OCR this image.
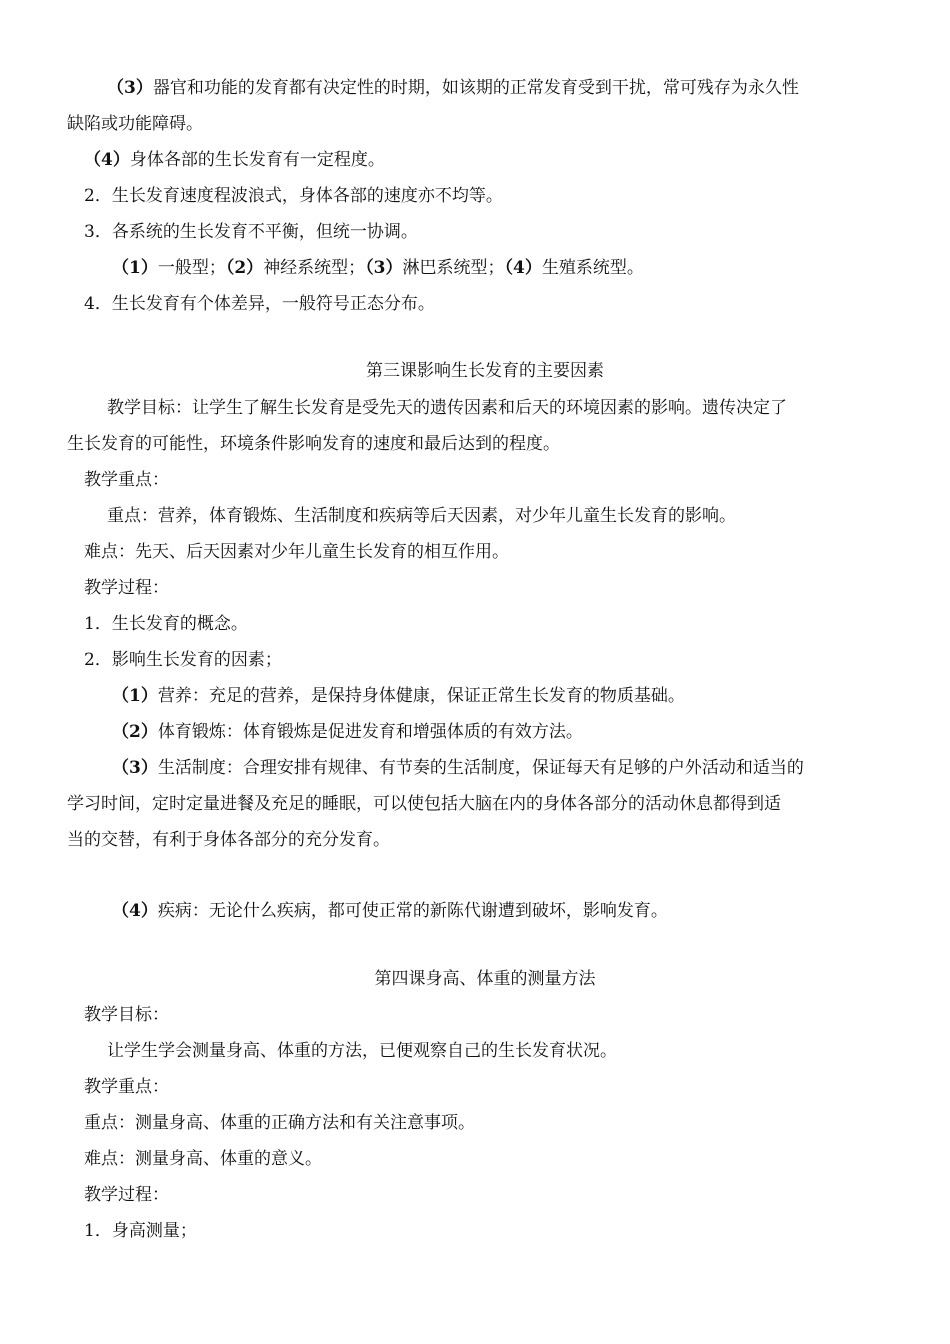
（3）器官和功能的发育都有决定性的时期，如该期的正常发育受到干扰，常可残存为永久性
缺陷或功能障碍。
（4）身体各部的生长发育有一定程度。
2．生长发育速度程波浪式，身体各部的速度亦不均等。
3．各系统的生长发育不平衡，但统一协调。
（1）一般型；（2）神经系统型；（3）淋巴系统型；（4）生殖系统型。
4．生长发育有个体差异，一般符号正态分布。
第三课影响生长发育的主要因素
教学目标：让学生了解生长发育是受先天的遗传因素和后天的环境因素的影响。遗传决定了
生长发育的可能性，环境条件影响发育的速度和最后达到的程度。
教学重点：
重点：营养，体育锻炼、生活制度和疾病等后天因素，对少年儿童生长发育的影响。
难点：先天、后天因素对少年儿童生长发育的相互作用。
教学过程：
1．生长发育的概念。
2．影响生长发育的因素；
（1）营养：充足的营养，是保持身体健康，保证正常生长发育的物质基础。
（2）体育锻炼：体育锻炼是促进发育和增强体质的有效方法。
（3）生活制度：合理安排有规律、有节奏的生活制度，保证每天有足够的户外活动和适当的
学习时间，定时定量进餐及充足的睡眠，可以使包括大脑在内的身体各部分的活动休息都得到适
当的交替，有利于身体各部分的充分发育。
（4）疾病：无论什么疾病，都可使正常的新陈代谢遭到破坏，影响发育。
第四课身高、体重的测量方法
教学目标：
让学生学会测量身高、体重的方法，已便观察自己的生长发育状况。
教学重点：
重点：测量身高、体重的正确方法和有关注意事项。
难点：测量身高、体重的意义。
教学过程：
1．身高测量；
